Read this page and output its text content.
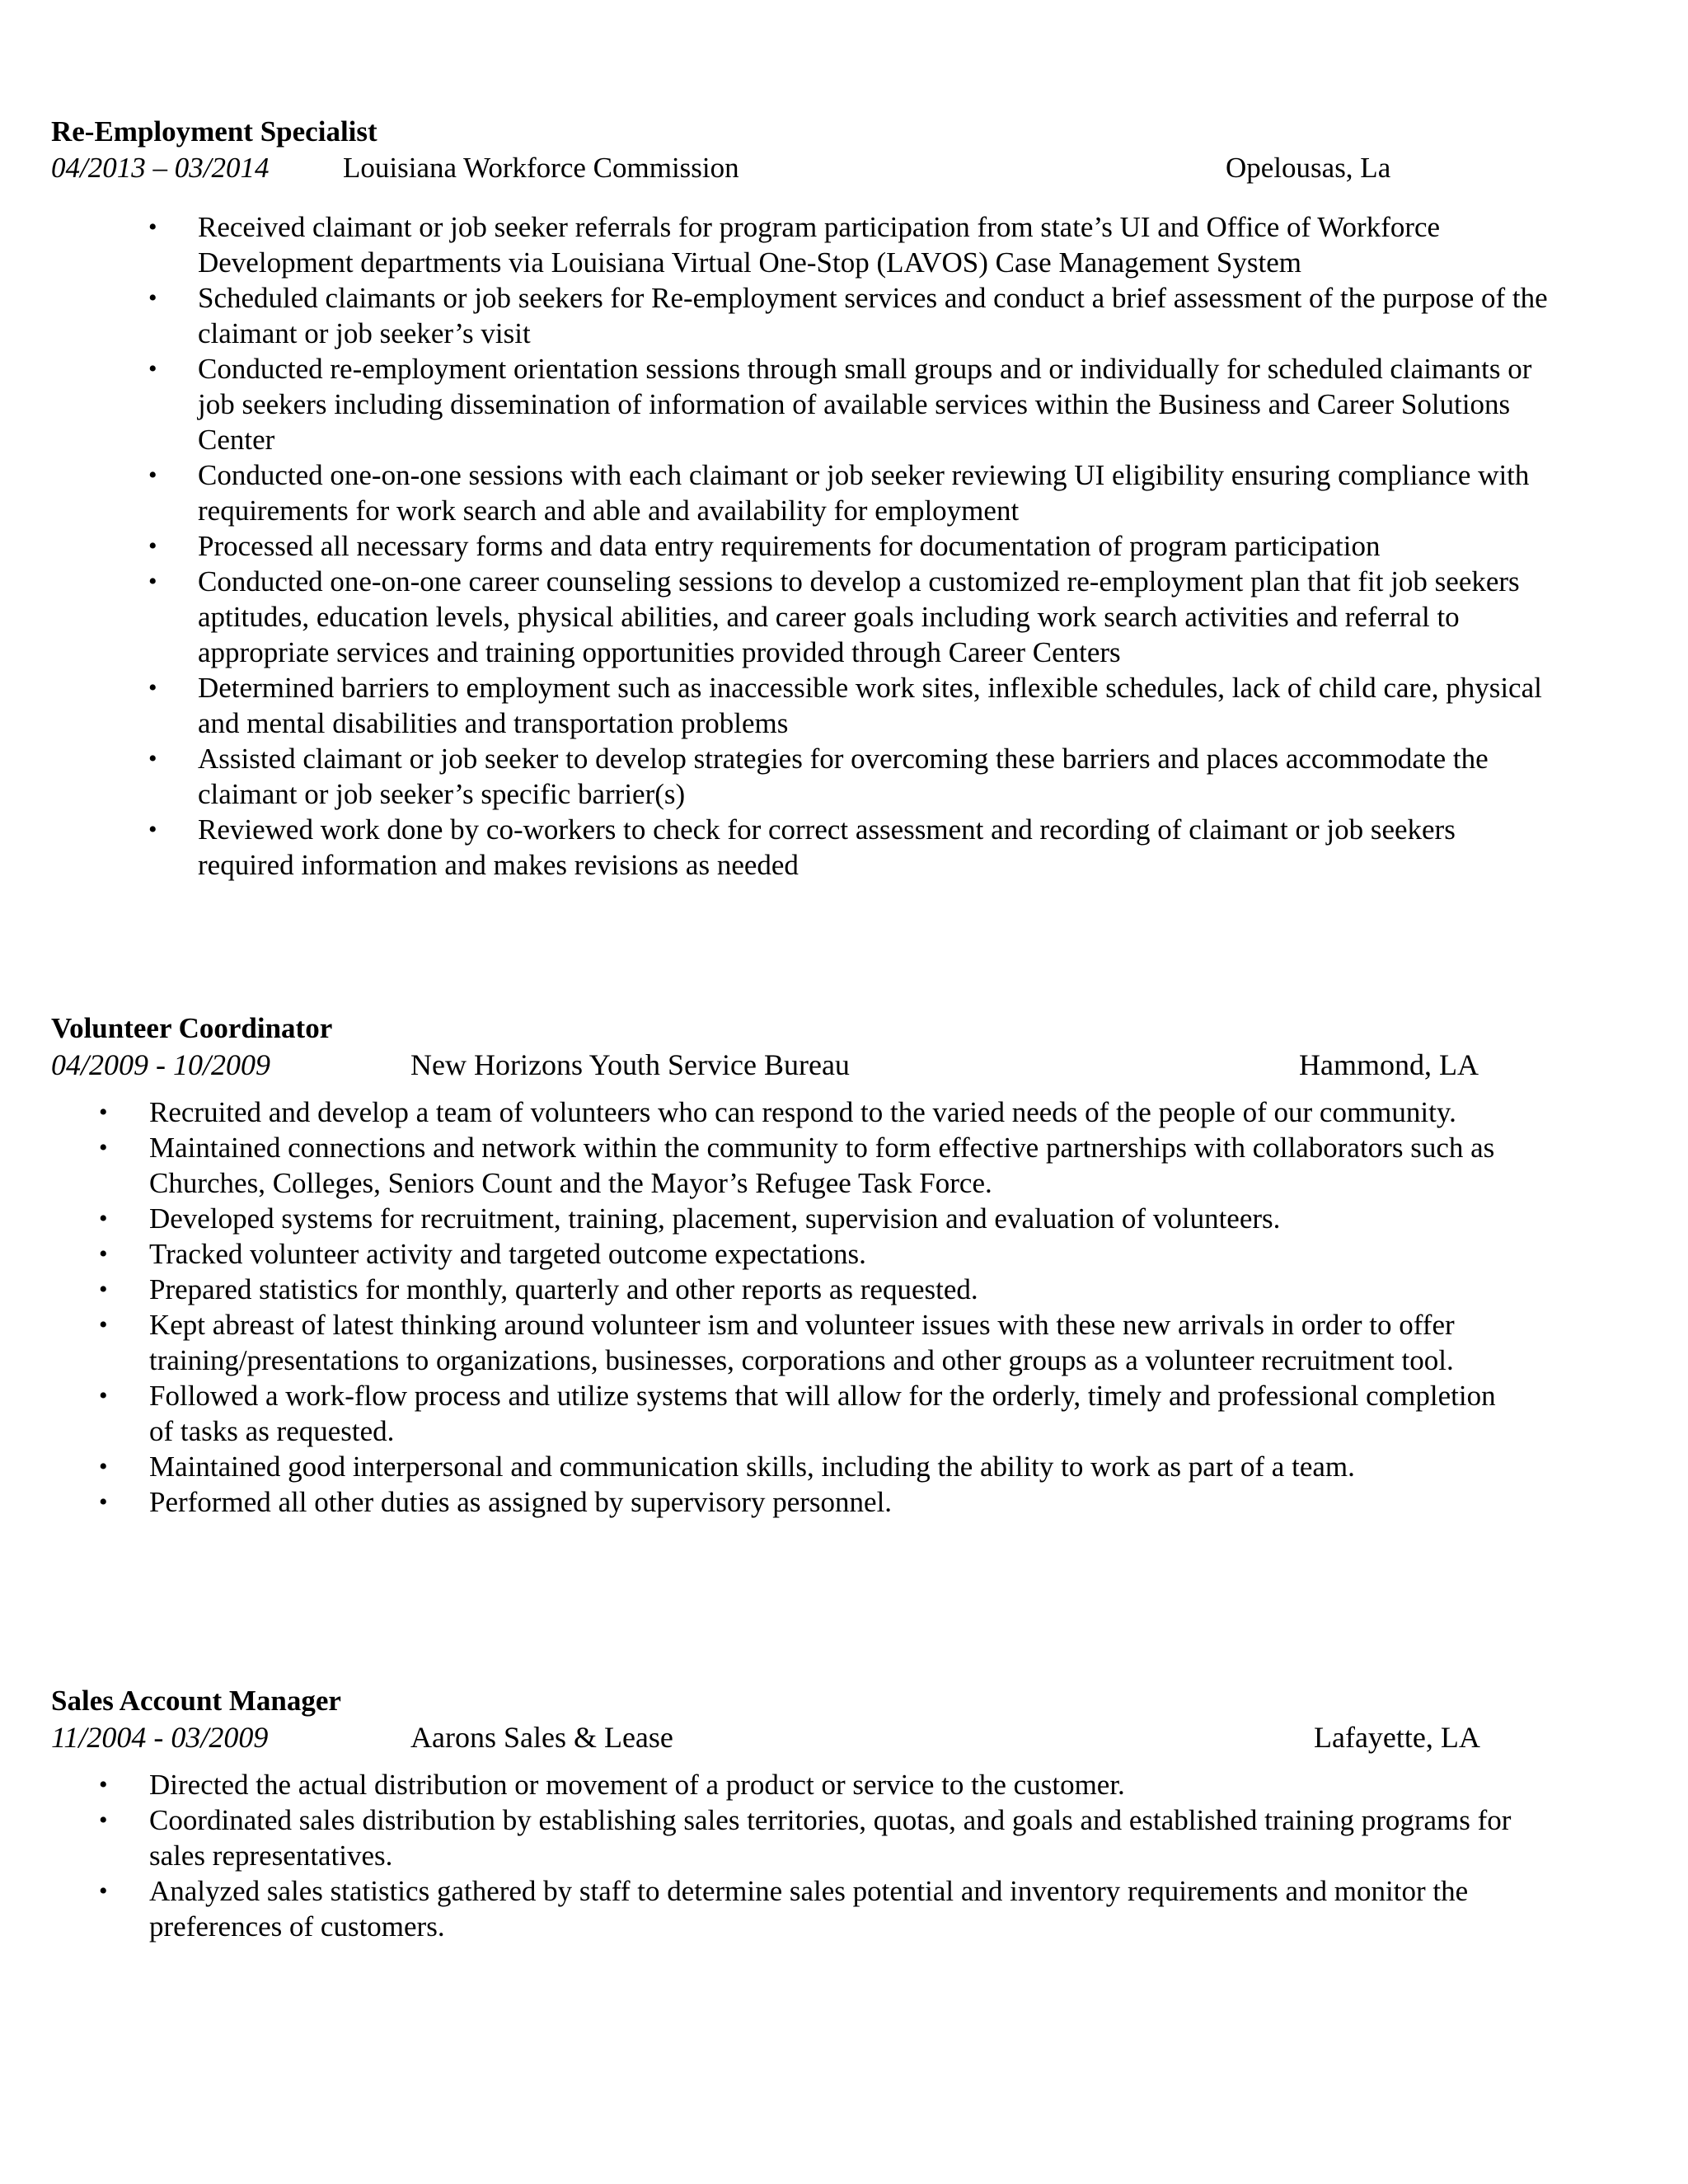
Re-Employment Specialist
04/2013 – 03/2014	Louisiana Workforce Commission	Opelousas, La
• Received claimant or job seeker referrals for program participation from state’s UI and Office of Workforce Development departments via Louisiana Virtual One-Stop (LAVOS) Case Management System
• Scheduled claimants or job seekers for Re-employment services and conduct a brief assessment of the purpose of the claimant or job seeker’s visit
• Conducted re-employment orientation sessions through small groups and or individually for scheduled claimants or job seekers including dissemination of information of available services within the Business and Career Solutions Center
• Conducted one-on-one sessions with each claimant or job seeker reviewing UI eligibility ensuring compliance with requirements for work search and able and availability for employment
• Processed all necessary forms and data entry requirements for documentation of program participation
• Conducted one-on-one career counseling sessions to develop a customized re-employment plan that fit job seekers aptitudes, education levels, physical abilities, and career goals including work search activities and referral to appropriate services and training opportunities provided through Career Centers
• Determined barriers to employment such as inaccessible work sites, inflexible schedules, lack of child care, physical and mental disabilities and transportation problems
• Assisted claimant or job seeker to develop strategies for overcoming these barriers and places accommodate the claimant or job seeker’s specific barrier(s)
• Reviewed work done by co-workers to check for correct assessment and recording of claimant or job seekers required information and makes revisions as needed
Volunteer Coordinator
04/2009 - 10/2009	New Horizons Youth Service Bureau	Hammond, LA
• Recruited and develop a team of volunteers who can respond to the varied needs of the people of our community.
• Maintained connections and network within the community to form effective partnerships with collaborators such as Churches, Colleges, Seniors Count and the Mayor’s Refugee Task Force.
• Developed systems for recruitment, training, placement, supervision and evaluation of volunteers.
• Tracked volunteer activity and targeted outcome expectations.
• Prepared statistics for monthly, quarterly and other reports as requested.
• Kept abreast of latest thinking around volunteer ism and volunteer issues with these new arrivals in order to offer training/presentations to organizations, businesses, corporations and other groups as a volunteer recruitment tool.
• Followed a work-flow process and utilize systems that will allow for the orderly, timely and professional completion of tasks as requested.
• Maintained good interpersonal and communication skills, including the ability to work as part of a team.
• Performed all other duties as assigned by supervisory personnel.
Sales Account Manager
11/2004 - 03/2009	Aarons Sales & Lease	Lafayette, LA
• Directed the actual distribution or movement of a product or service to the customer.
• Coordinated sales distribution by establishing sales territories, quotas, and goals and established training programs for sales representatives.
• Analyzed sales statistics gathered by staff to determine sales potential and inventory requirements and monitor the preferences of customers.
